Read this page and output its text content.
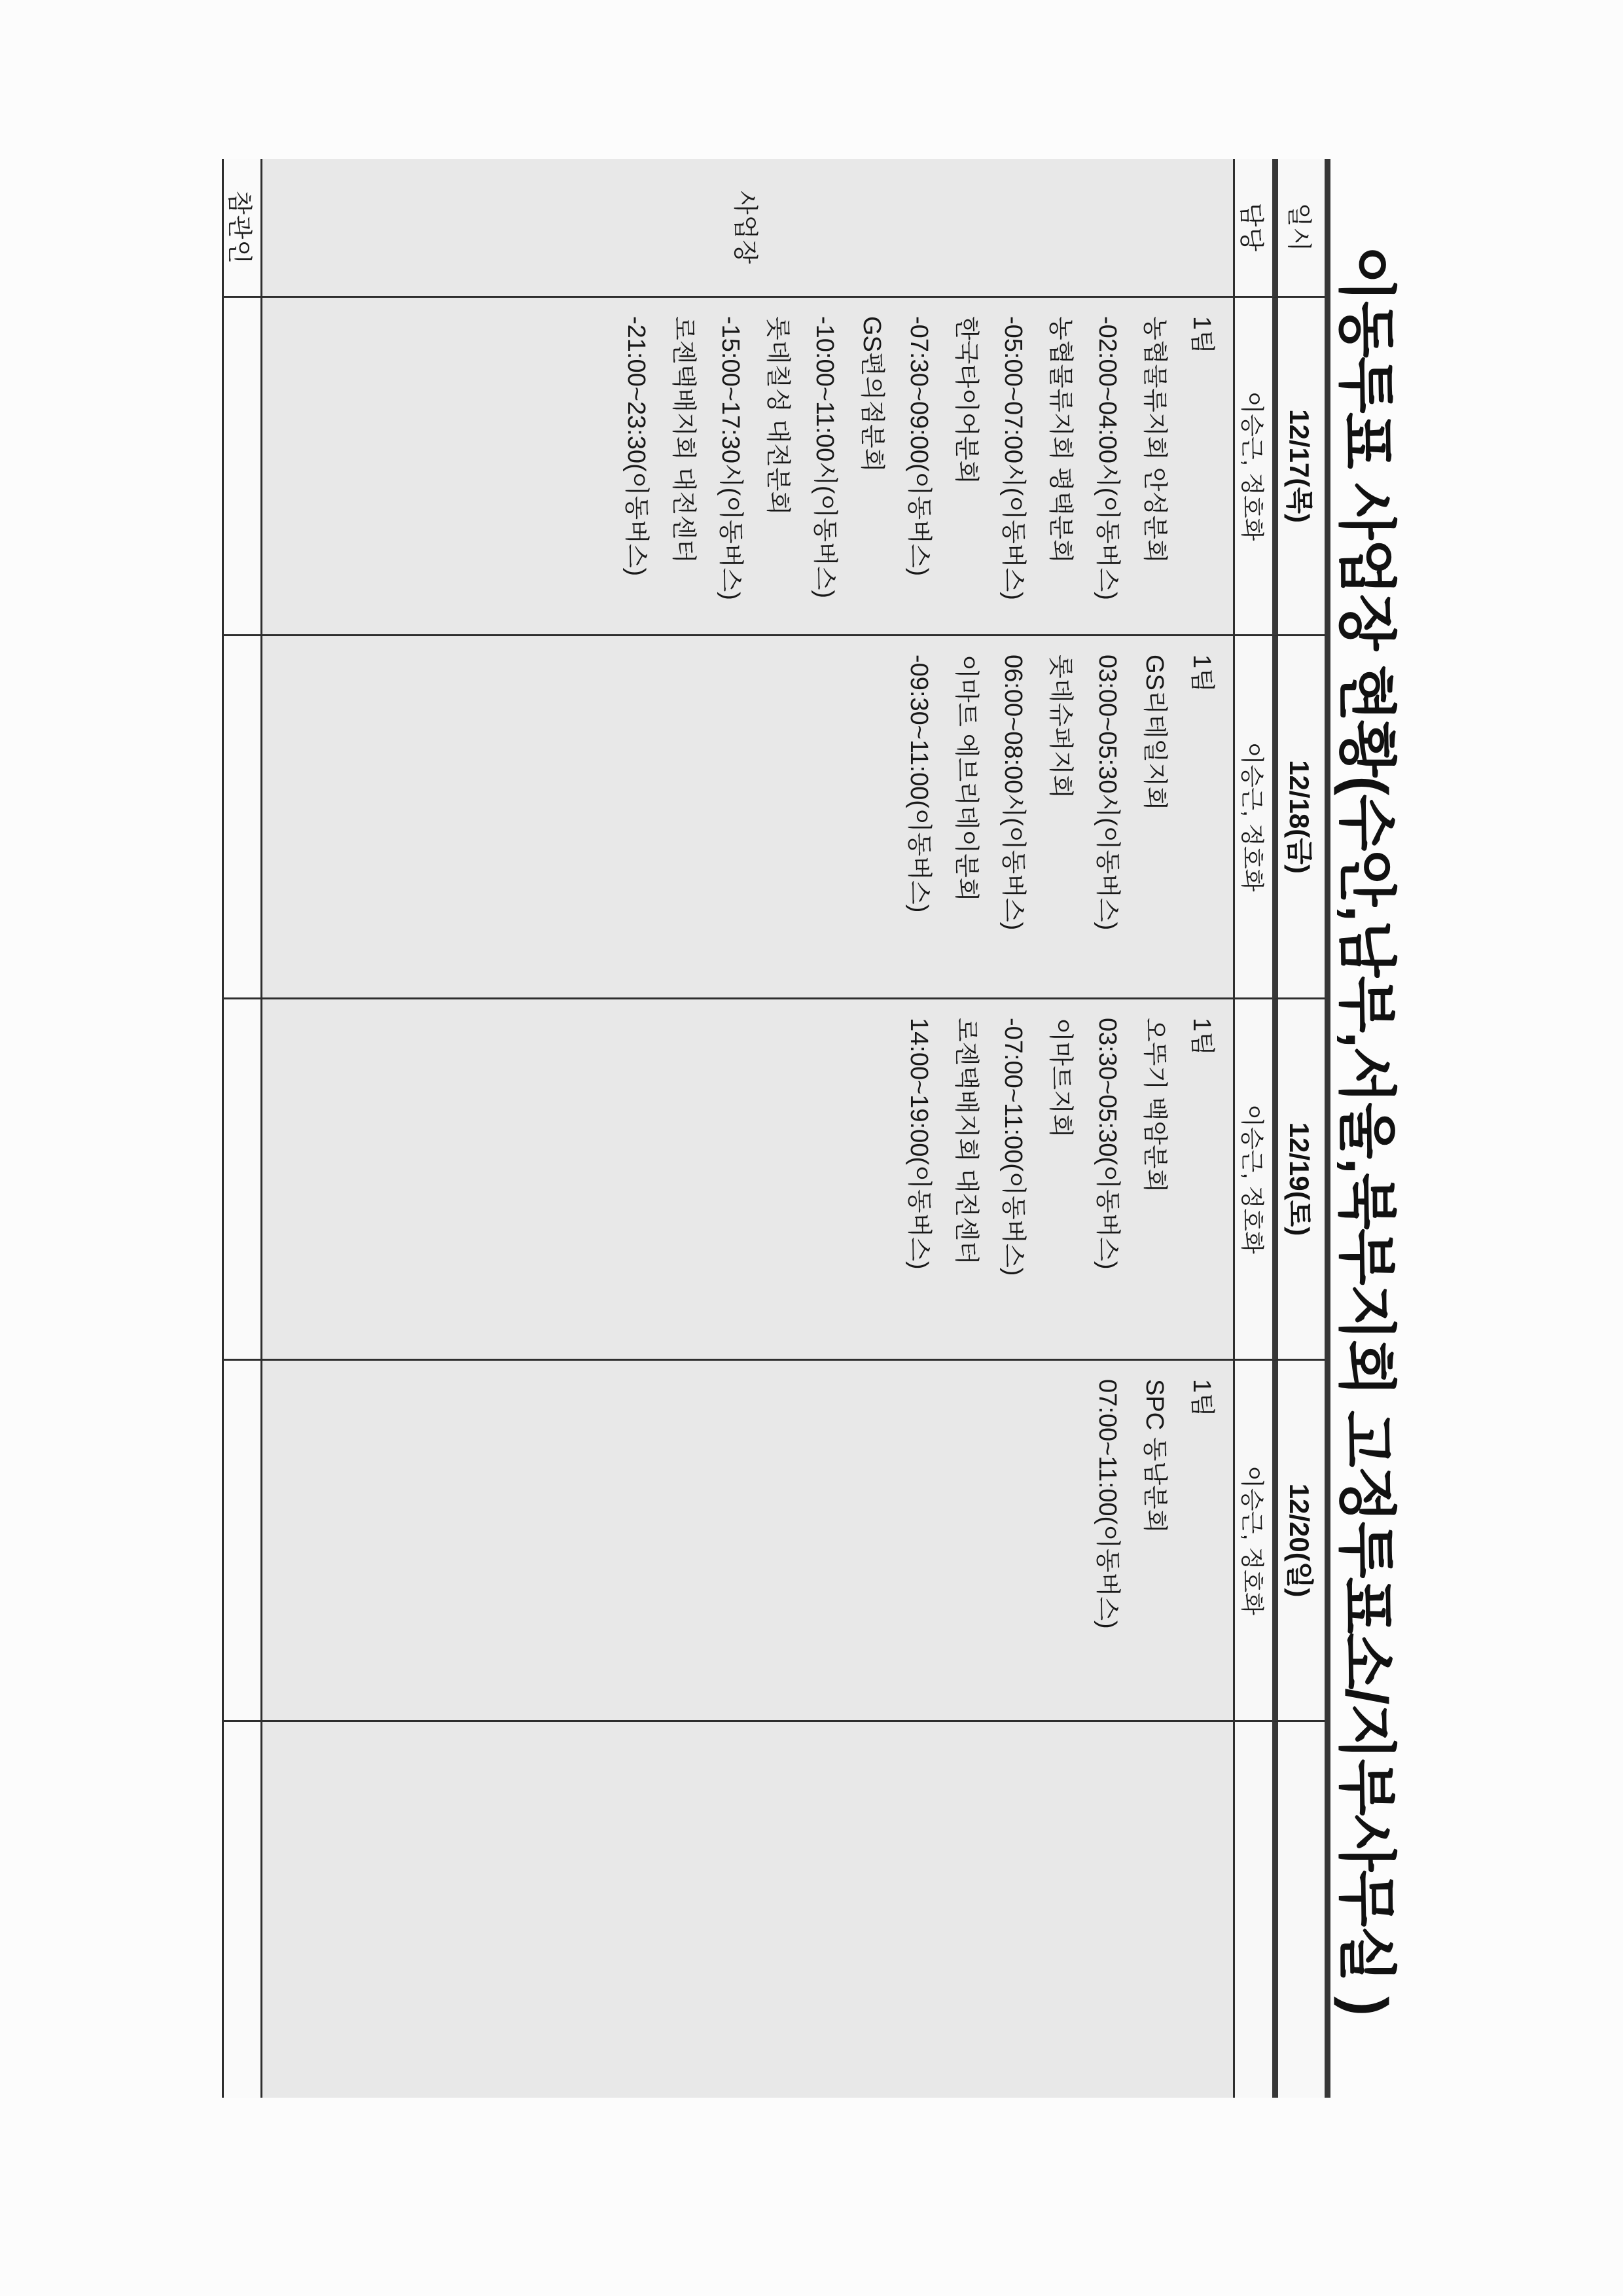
이동투표 사업장 현황(수안,남부,서울,북부지회 고정투표소/지부사무실 )
일시
12/17(목)
12/18(금)
12/19(토)
12/20(일)
담당
이승근, 정호화
이승근, 정호화
이승근, 정호화
이승근, 정호화
사업장
1팀
농협물류지회 안성분회
-02:00~04:00시(이동버스)
농협물류지회 평택분회
-05:00~07:00시(이동버스)
한국타이어분회
-07:30~09:00(이동버스)
GS편의점분회
-10:00~11:00시(이동버스)
롯데칠성 대전분회
-15:00~17:30시(이동버스)
로젠택배지회 대전센터
-21:00~23:30(이동버스)
1팀
GS리테일지회
03:00~05:30시(이동버스)
롯데슈퍼지회
06:00~08:00시(이동버스)
이마트 에브리데이분회
-09:30~11:00(이동버스)
1팀
오뚜기 백암분회
03:30~05:30(이동버스)
이마트지회
-07:00~11:00(이동버스)
로젠택배지회 대전센터
14:00~19:00(이동버스)
1팀
SPC 동남분회
07:00~11:00(이동버스)
참관인
